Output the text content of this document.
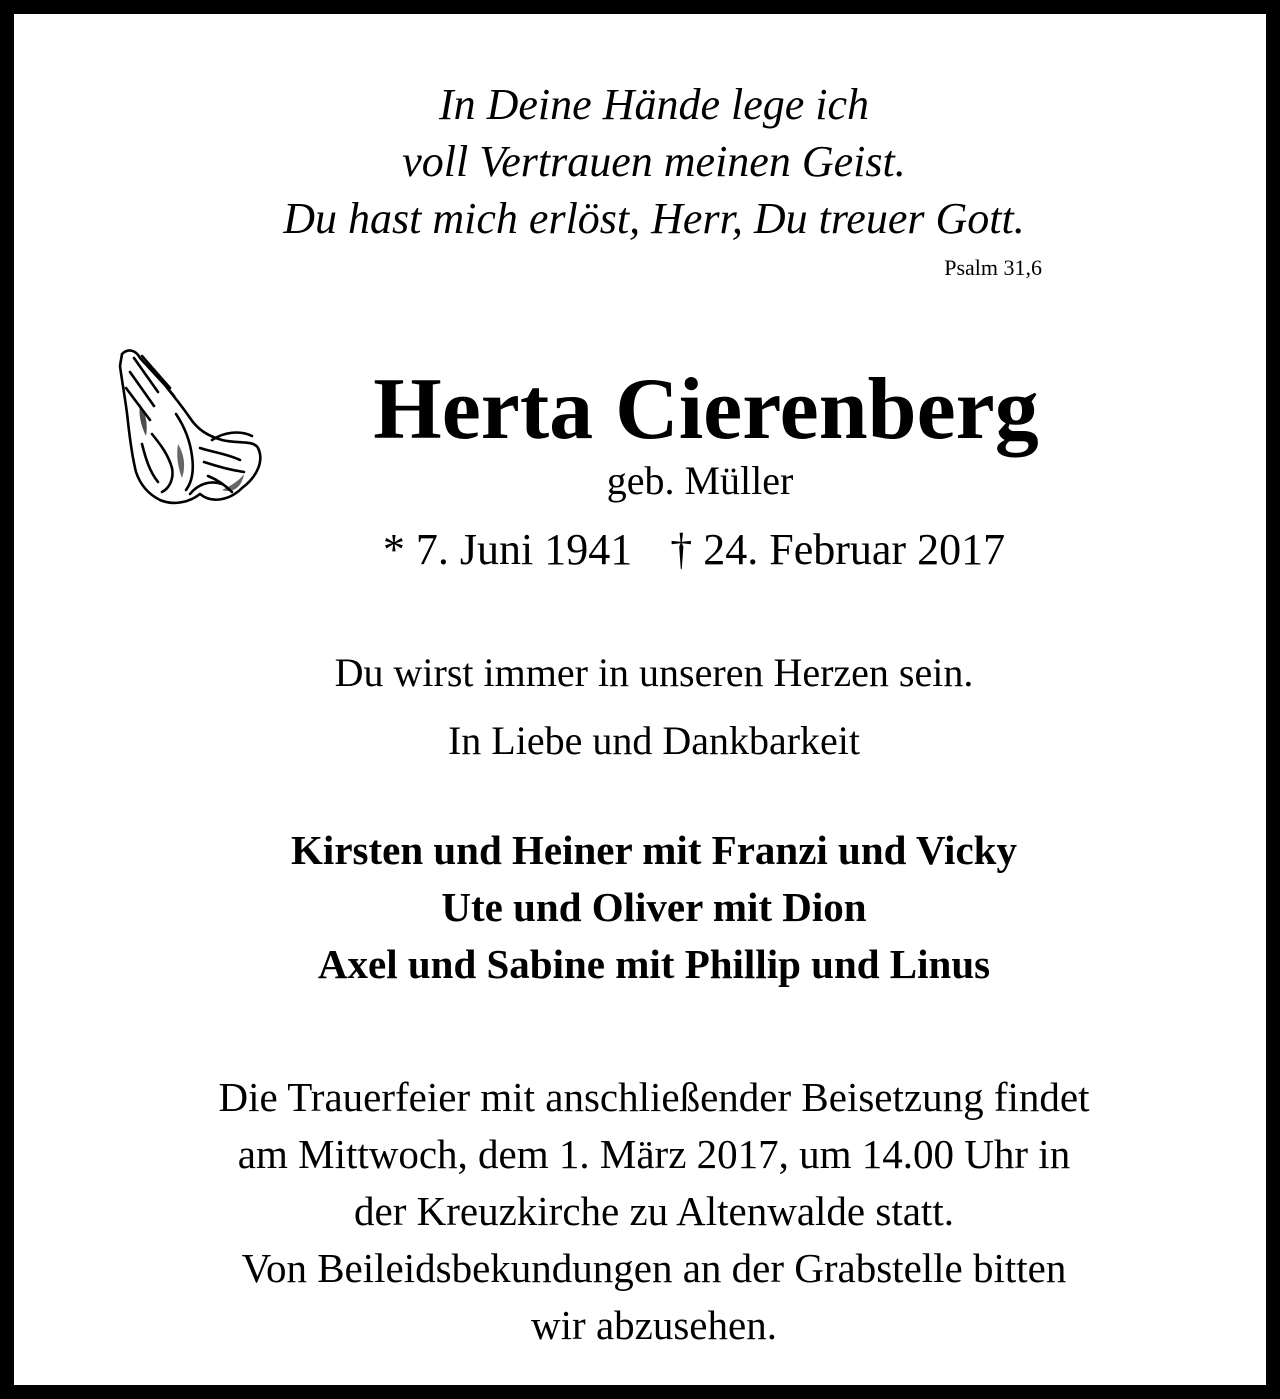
In Deine Hände lege ich
voll Vertrauen meinen Geist.
Du hast mich erlöst, Herr, Du treuer Gott.
Psalm 31,6
Herta Cierenberg
geb. Müller
* 7. Juni 1941 † 24. Februar 2017
Du wirst immer in unseren Herzen sein.
In Liebe und Dankbarkeit
Kirsten und Heiner mit Franzi und Vicky
Ute und Oliver mit Dion
Axel und Sabine mit Phillip und Linus
Die Trauerfeier mit anschließender Beisetzung findet
am Mittwoch, dem 1. März 2017, um 14.00 Uhr in
der Kreuzkirche zu Altenwalde statt.
Von Beileidsbekundungen an der Grabstelle bitten
wir abzusehen.
